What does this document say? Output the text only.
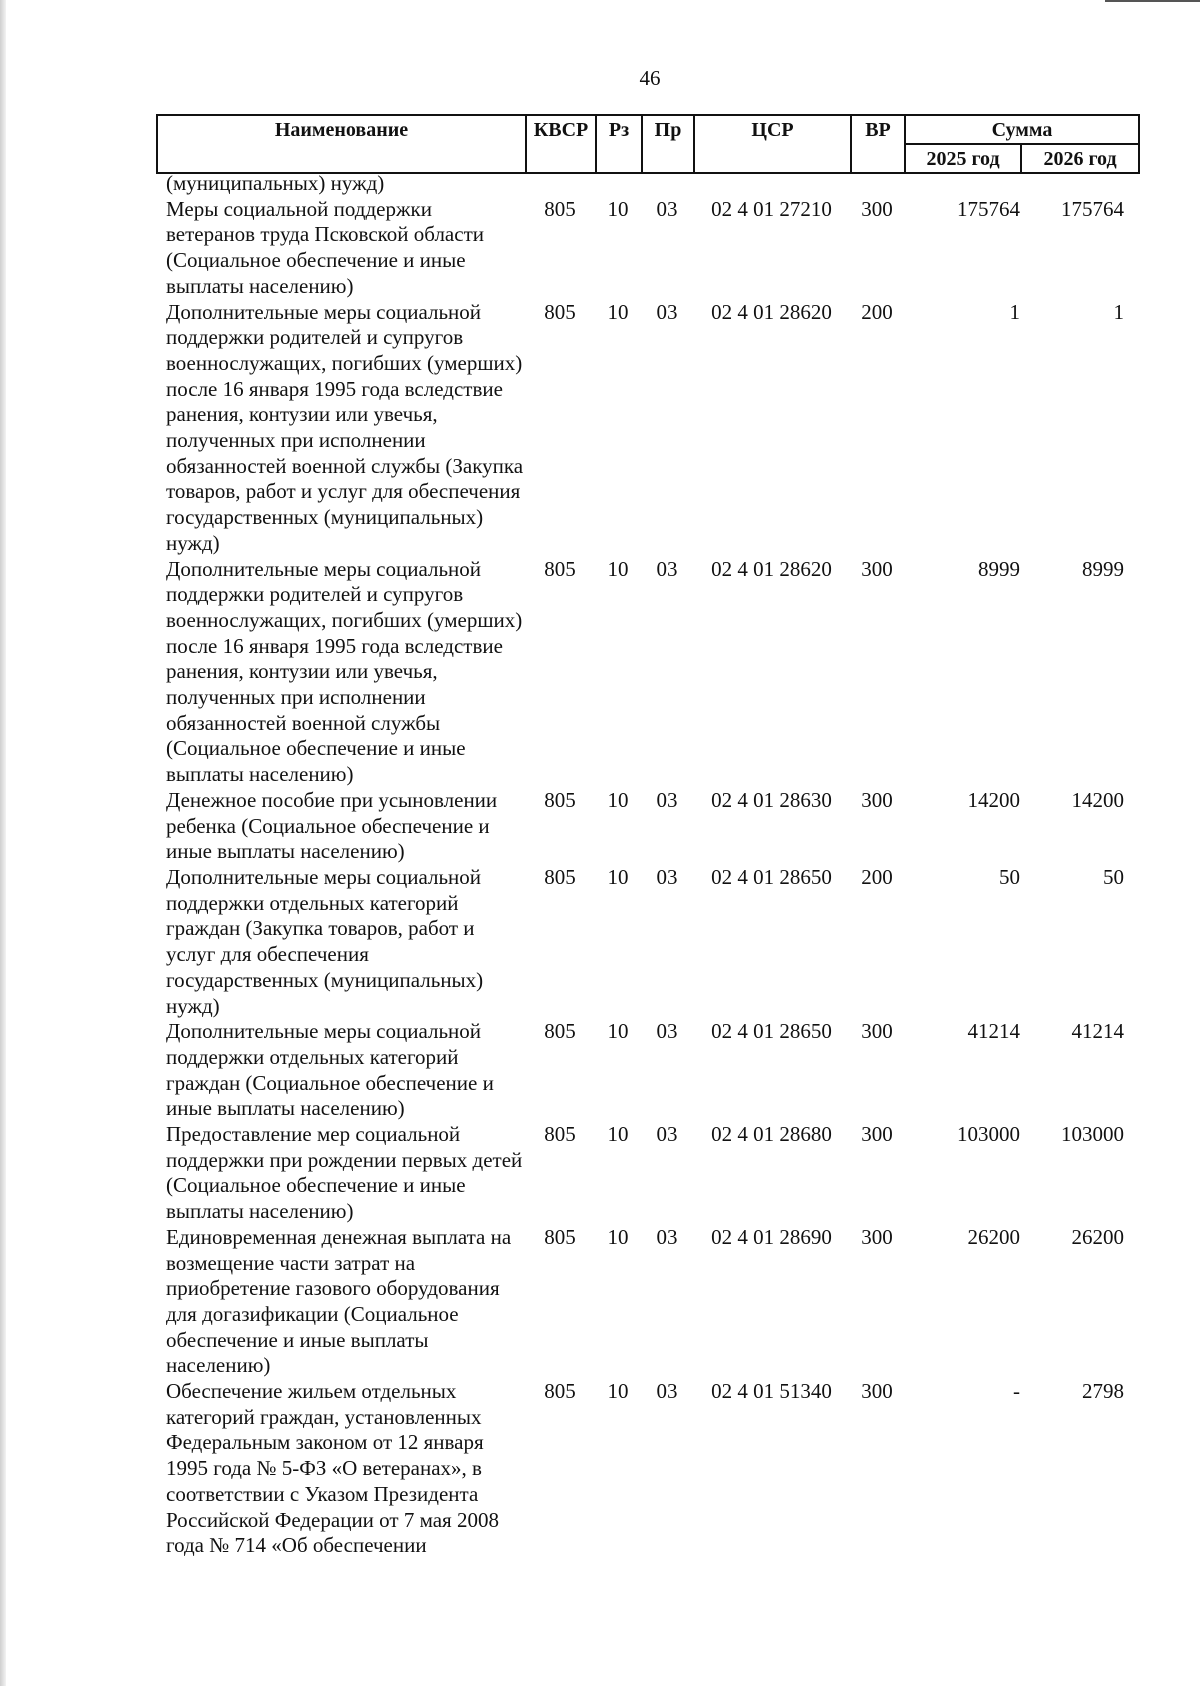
46
Наименование	КВСР	Рз	Пр	ЦСР	ВР	Сумма	
						2025 год	2026 год
(муниципальных) нужд)							
Меры социальной поддержки ветеранов труда Псковской области (Социальное обеспечение и иные выплаты населению)	805	10	03	02 4 01 27210	300	175764	175764
Дополнительные меры социальной поддержки родителей и супругов военнослужащих, погибших (умерших) после 16 января 1995 года вследствие ранения, контузии или увечья, полученных при исполнении обязанностей военной службы (Закупка товаров, работ и услуг для обеспечения государственных (муниципальных) нужд)	805	10	03	02 4 01 28620	200	1	1
Дополнительные меры социальной поддержки родителей и супругов военнослужащих, погибших (умерших) после 16 января 1995 года вследствие ранения, контузии или увечья, полученных при исполнении обязанностей военной службы (Социальное обеспечение и иные выплаты населению)	805	10	03	02 4 01 28620	300	8999	8999
Денежное пособие при усыновлении ребенка (Социальное обеспечение и иные выплаты населению)	805	10	03	02 4 01 28630	300	14200	14200
Дополнительные меры социальной поддержки отдельных категорий граждан (Закупка товаров, работ и услуг для обеспечения государственных (муниципальных) нужд)	805	10	03	02 4 01 28650	200	50	50
Дополнительные меры социальной поддержки отдельных категорий граждан (Социальное обеспечение и иные выплаты населению)	805	10	03	02 4 01 28650	300	41214	41214
Предоставление мер социальной поддержки при рождении первых детей (Социальное обеспечение и иные выплаты населению)	805	10	03	02 4 01 28680	300	103000	103000
Единовременная денежная выплата на возмещение части затрат на приобретение газового оборудования для догазификации (Социальное обеспечение и иные выплаты населению)	805	10	03	02 4 01 28690	300	26200	26200
Обеспечение жильем отдельных категорий граждан, установленных Федеральным законом от 12 января 1995 года № 5-ФЗ «О ветеранах», в соответствии с Указом Президента Российской Федерации от 7 мая 2008 года № 714 «Об обеспечении	805	10	03	02 4 01 51340	300	-	2798
